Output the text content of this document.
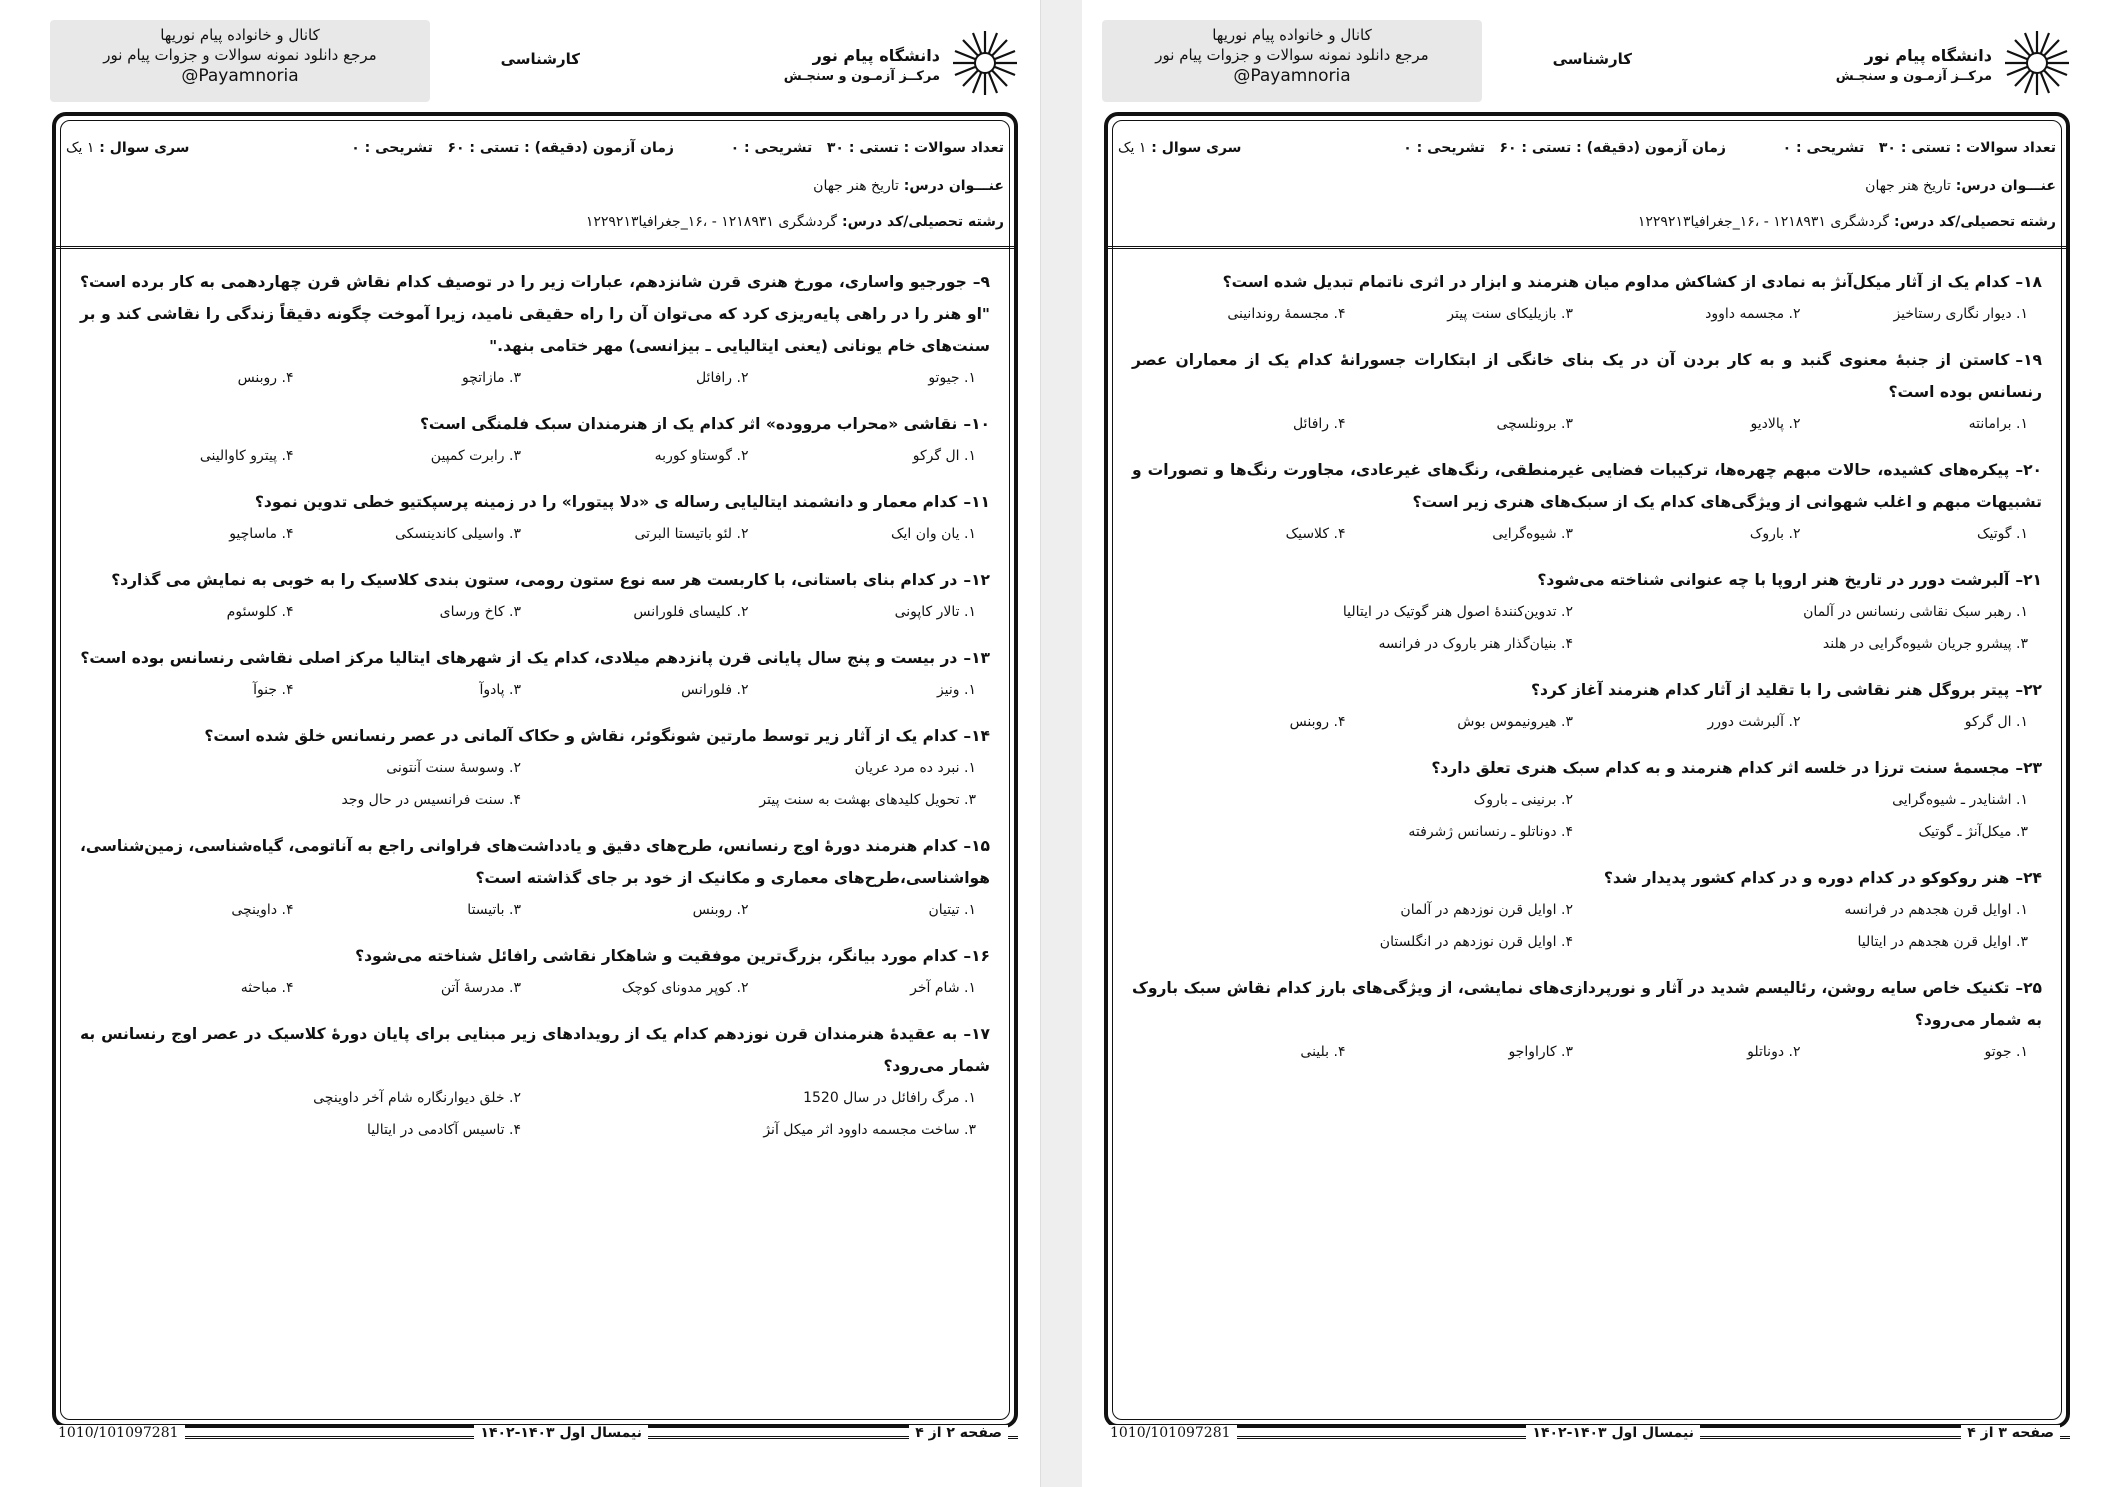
دانشگاه پیام نور
مرکــز آزمـون و سنجـش
کارشناسی
کانال و خانواده پیام نوریها
مرجع دانلود نمونه سوالات و جزوات پیام نور
@Payamnoria
تعداد سوالات : تستی : ۳۰   تشریحی : ۰
زمان آزمون (دقیقه) : تستی : ۶۰   تشریحی : ۰
سری سوال : ۱ یک
عنـــوان درس: تاریخ هنر جهان
رشته تحصیلی/کد درس: گردشگری ۱۲۱۸۹۳۱ - ،۱۶_جغرافیا۱۲۲۹۲۱۳
۹–جورجیو واساری، مورخ هنری قرن شانزدهم، عبارات زیر را در توصیف کدام نقاش قرن چهاردهمی به کار برده است؟ "او هنر را در راهی پایه‌ریزی کرد که می‌توان آن را راه حقیقی نامید، زیرا آموخت چگونه دقیقاً زندگی را نقاشی کند و بر سنت‌های خام یونانی (یعنی ایتالیایی ـ بیزانسی) مهر ختامی بنهد."
۱. جیوتو
۲. رافائل
۳. مازاتچو
۴. روبنس
۱۰–نقاشی «محراب مرووده» اثر کدام یک از هنرمندان سبک فلمنگی است؟
۱. ال گرکو
۲. گوستاو کوربه
۳. رابرت کمپین
۴. پیترو کاوالینی
۱۱–کدام معمار و دانشمند ایتالیایی رساله ی «دلا پیتورا» را در زمینه پرسپکتیو خطی تدوین نمود؟
۱. یان وان ایک
۲. لئو باتیستا البرتی
۳. واسیلی کاندینسکی
۴. ماساچیو
۱۲–در کدام بنای باستانی، با کاربست هر سه نوع ستون رومی، ستون بندی کلاسیک را به خوبی به نمایش می گذارد؟
۱. تالار کاپونی
۲. کلیسای فلورانس
۳. کاخ ورسای
۴. کلوسئوم
۱۳–در بیست و پنج سال پایانی قرن پانزدهم میلادی، کدام یک از شهرهای ایتالیا مرکز اصلی نقاشی رنسانس بوده است؟
۱. ونیز
۲. فلورانس
۳. پادوآ
۴. جنوآ
۱۴–کدام یک از آثار زیر توسط مارتین شونگوئر، نقاش و حکاک آلمانی در عصر رنسانس خلق شده است؟
۱. نبرد ده مرد عریان
۲. وسوسهٔ سنت آنتونی
۳. تحویل کلیدهای بهشت به سنت پیتر
۴. سنت فرانسیس در حال وجد
۱۵–کدام هنرمند دورهٔ اوج رنسانس، طرح‌های دقیق و یادداشت‌های فراوانی راجع به آناتومی، گیاه‌شناسی، زمین‌شناسی، هواشناسی،طرح‌های معماری و مکانیک از خود بر جای گذاشته است؟
۱. تیتیان
۲. روبنس
۳. باتیستا
۴. داوینچی
۱۶–کدام مورد بیانگر، بزرگ‌ترین موفقیت و شاهکار نقاشی رافائل شناخته می‌شود؟
۱. شام آخر
۲. کوپر مدونای کوچک
۳. مدرسهٔ آتن
۴. مباحثه
۱۷–به عقیدهٔ هنرمندان قرن نوزدهم کدام یک از رویدادهای زیر مبنایی برای پایان دورهٔ کلاسیک در عصر اوج رنسانس به شمار می‌رود؟
۱. مرگ رافائل در سال 1520
۲. خلق دیوارنگاره شام آخر داوینچی
۳. ساخت مجسمه داوود اثر میکل آنژ
۴. تاسیس آکادمی در ایتالیا
صفحه ۲ از ۴
نیمسال اول ۱۴۰۳-۱۴۰۲
1010/101097281
دانشگاه پیام نور
مرکــز آزمـون و سنجـش
کارشناسی
کانال و خانواده پیام نوریها
مرجع دانلود نمونه سوالات و جزوات پیام نور
@Payamnoria
تعداد سوالات : تستی : ۳۰   تشریحی : ۰
زمان آزمون (دقیقه) : تستی : ۶۰   تشریحی : ۰
سری سوال : ۱ یک
عنـــوان درس: تاریخ هنر جهان
رشته تحصیلی/کد درس: گردشگری ۱۲۱۸۹۳۱ - ،۱۶_جغرافیا۱۲۲۹۲۱۳
۱۸–کدام یک از آثار میکل‌آنژ به نمادی از کشاکش مداوم میان هنرمند و ابزار در اثری ناتمام تبدیل شده است؟
۱. دیوار نگاری رستاخیز
۲. مجسمه داوود
۳. بازیلیکای سنت پیتر
۴. مجسمهٔ روندانینی
۱۹–کاستن از جنبهٔ معنوی گنبد و به کار بردن آن در یک بنای خانگی از ابتکارات جسورانهٔ کدام یک از معماران عصر رنسانس بوده است؟
۱. برامانته
۲. پالادیو
۳. برونلسچی
۴. رافائل
۲۰–پیکره‌های کشیده، حالات مبهم چهره‌ها، ترکیبات فضایی غیرمنطقی، رنگ‌های غیرعادی، مجاورت رنگ‌ها و تصورات و تشبیهات مبهم و اغلب شهوانی از ویژگی‌های کدام یک از سبک‌های هنری زیر است؟
۱. گوتیک
۲. باروک
۳. شیوه‌گرایی
۴. کلاسیک
۲۱–آلبرشت دورر در تاریخ هنر اروپا با چه عنوانی شناخته می‌شود؟
۱. رهبر سبک نقاشی رنسانس در آلمان
۲. تدوین‌کنندهٔ اصول هنر گوتیک در ایتالیا
۳. پیشرو جریان شیوه‌گرایی در هلند
۴. بنیان‌گذار هنر باروک در فرانسه
۲۲–پیتر بروگل هنر نقاشی را با تقلید از آثار کدام هنرمند آغاز کرد؟
۱. ال گرکو
۲. آلبرشت دورر
۳. هیرونیموس بوش
۴. روبنس
۲۳–مجسمهٔ سنت ترزا در خلسه اثر کدام هنرمند و به کدام سبک هنری تعلق دارد؟
۱. اشنایدر ـ شیوه‌گرایی
۲. برنینی ـ باروک
۳. میکل‌آنژ ـ گوتیک
۴. دوناتلو ـ رنسانس ژشرفته
۲۴–هنر روکوکو در کدام دوره و در کدام کشور پدیدار شد؟
۱. اوایل قرن هجدهم در فرانسه
۲. اوایل قرن نوزدهم در آلمان
۳. اوایل قرن هجدهم در ایتالیا
۴. اوایل قرن نوزدهم در انگلستان
۲۵–تکنیک خاص سایه روشن، رئالیسم شدید در آثار و نورپردازی‌های نمایشی، از ویژگی‌های بارز کدام نقاش سبک باروک به شمار می‌رود؟
۱. جوتو
۲. دوناتلو
۳. کاراواجو
۴. بلینی
صفحه ۳ از ۴
نیمسال اول ۱۴۰۳-۱۴۰۲
1010/101097281
